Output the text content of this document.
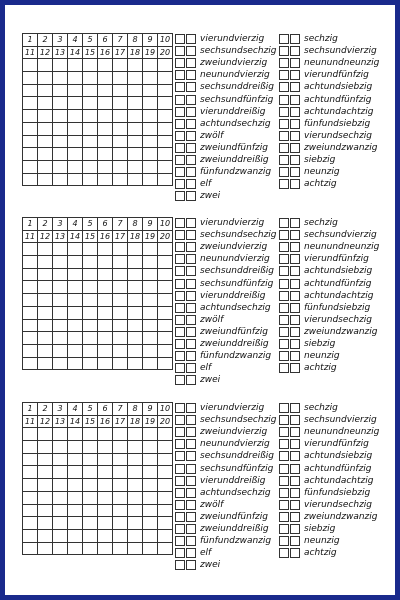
1	2	3	4	5	6	7	8	9	10
11	12	13	14	15	16	17	18	19	20

vierundvierzig
sechsundsechzig
zweiundvierzig
neunundvierzig
sechsunddreißig
sechsundfünfzig
vierunddreißig
achtundsechzig
zwölf
zweiundfünfzig
zweiunddreißig
fünfundzwanzig
elf
zwei
sechzig
sechsundvierzig
neunundneunzig
vierundfünfzig
achtundsiebzig
achtundfünfzig
achtundachtzig
fünfundsiebzig
vierundsechzig
zweiundzwanzig
siebzig
neunzig
achtzig
1	2	3	4	5	6	7	8	9	10
11	12	13	14	15	16	17	18	19	20

vierundvierzig
sechsundsechzig
zweiundvierzig
neunundvierzig
sechsunddreißig
sechsundfünfzig
vierunddreißig
achtundsechzig
zwölf
zweiundfünfzig
zweiunddreißig
fünfundzwanzig
elf
zwei
sechzig
sechsundvierzig
neunundneunzig
vierundfünfzig
achtundsiebzig
achtundfünfzig
achtundachtzig
fünfundsiebzig
vierundsechzig
zweiundzwanzig
siebzig
neunzig
achtzig
1	2	3	4	5	6	7	8	9	10
11	12	13	14	15	16	17	18	19	20

vierundvierzig
sechsundsechzig
zweiundvierzig
neunundvierzig
sechsunddreißig
sechsundfünfzig
vierunddreißig
achtundsechzig
zwölf
zweiundfünfzig
zweiunddreißig
fünfundzwanzig
elf
zwei
sechzig
sechsundvierzig
neunundneunzig
vierundfünfzig
achtundsiebzig
achtundfünfzig
achtundachtzig
fünfundsiebzig
vierundsechzig
zweiundzwanzig
siebzig
neunzig
achtzig
